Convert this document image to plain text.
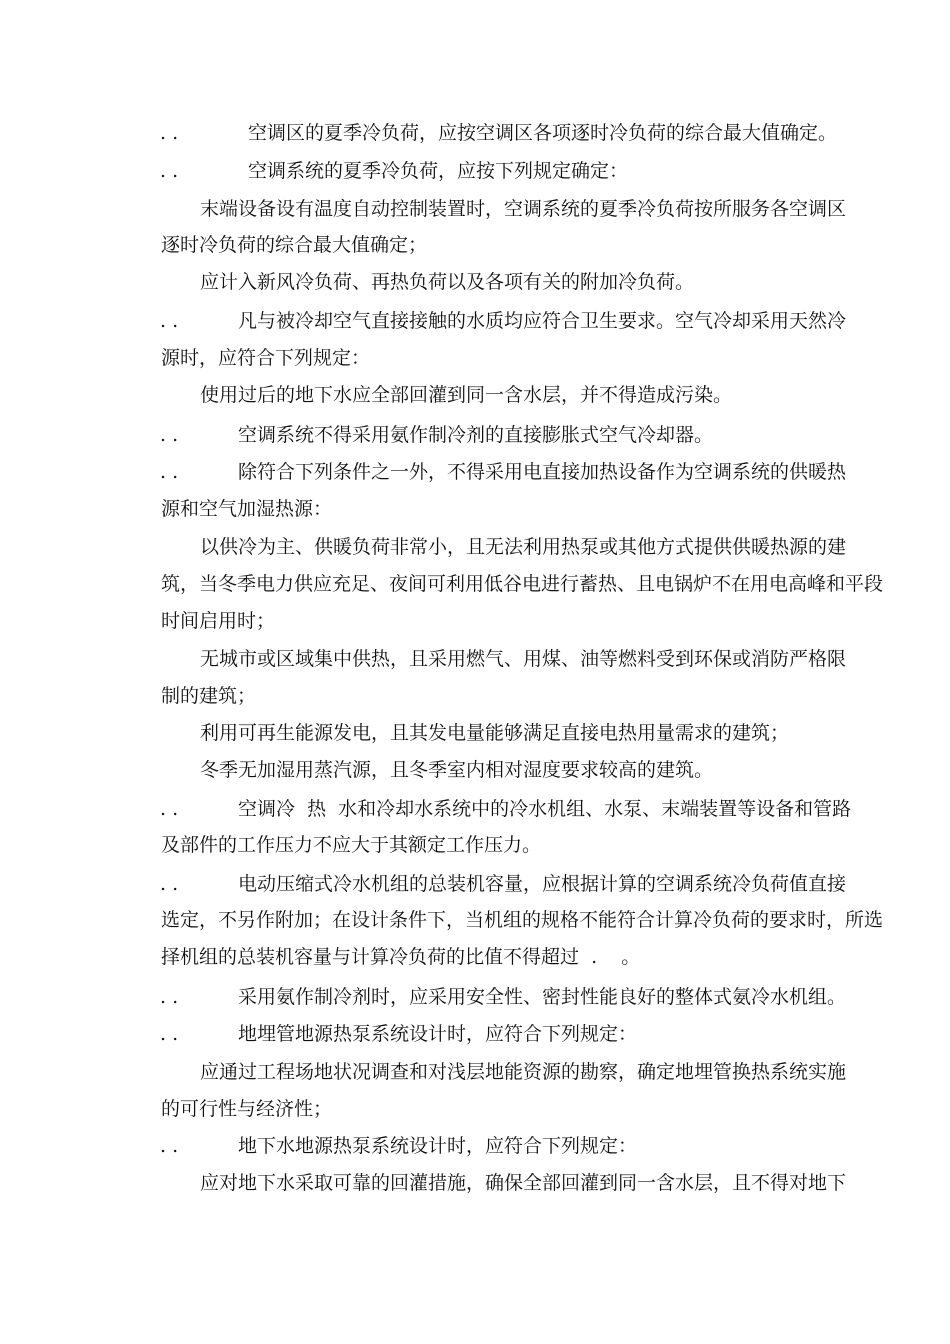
. .	空调区的夏季冷负荷，应按空调区各项逐时冷负荷的综合最大值确定。
. .	空调系统的夏季冷负荷，应按下列规定确定：
末端设备设有温度自动控制装置时，空调系统的夏季冷负荷按所服务各空调区
逐时冷负荷的综合最大值确定；
应计入新风冷负荷、再热负荷以及各项有关的附加冷负荷。
. .	凡与被冷却空气直接接触的水质均应符合卫生要求。空气冷却采用天然冷
源时，应符合下列规定：
使用过后的地下水应全部回灌到同一含水层，并不得造成污染。
. .	空调系统不得采用氨作制冷剂的直接膨胀式空气冷却器。
. .	除符合下列条件之一外，不得采用电直接加热设备作为空调系统的供暖热
源和空气加湿热源：
以供冷为主、供暖负荷非常小，且无法利用热泵或其他方式提供供暖热源的建
筑，当冬季电力供应充足、夜间可利用低谷电进行蓄热、且电锅炉不在用电高峰和平段
时间启用时；
无城市或区域集中供热，且采用燃气、用煤、油等燃料受到环保或消防严格限
制的建筑；
利用可再生能源发电，且其发电量能够满足直接电热用量需求的建筑；
冬季无加湿用蒸汽源，且冬季室内相对湿度要求较高的建筑。
. .	空调冷  热  水和冷却水系统中的冷水机组、水泵、末端装置等设备和管路
及部件的工作压力不应大于其额定工作压力。
. .	电动压缩式冷水机组的总装机容量，应根据计算的空调系统冷负荷值直接
选定，不另作附加；在设计条件下，当机组的规格不能符合计算冷负荷的要求时，所选
择机组的总装机容量与计算冷负荷的比值不得超过  .    。
. .	采用氨作制冷剂时，应采用安全性、密封性能良好的整体式氨冷水机组。
. .	地埋管地源热泵系统设计时，应符合下列规定：
应通过工程场地状况调查和对浅层地能资源的勘察，确定地埋管换热系统实施
的可行性与经济性；
. .	地下水地源热泵系统设计时，应符合下列规定：
应对地下水采取可靠的回灌措施，确保全部回灌到同一含水层，且不得对地下
